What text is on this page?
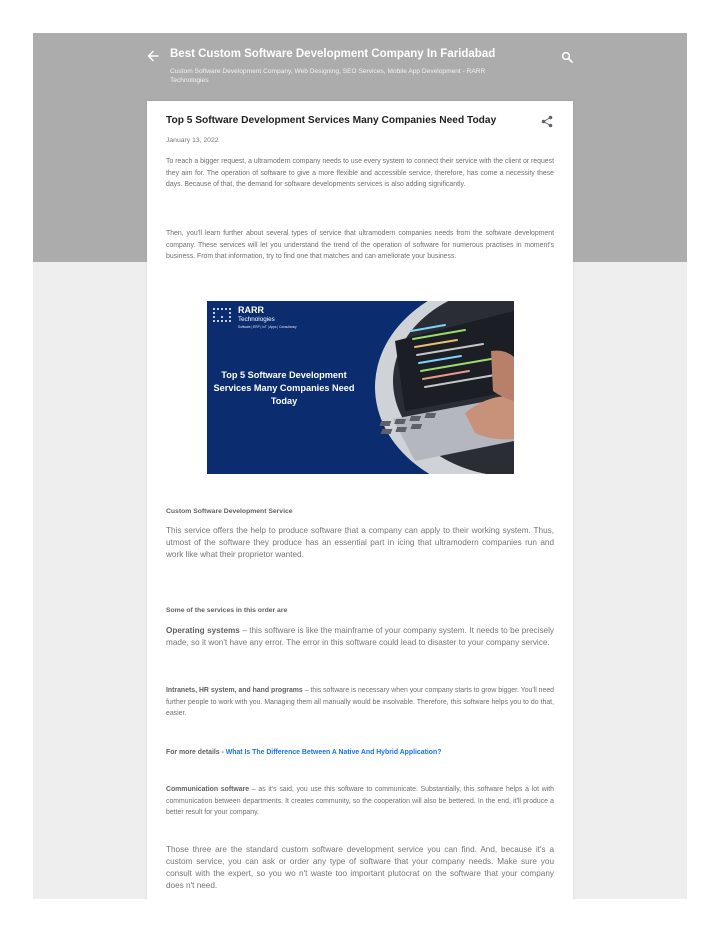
Best Custom Software Development Company In Faridabad
Custom Software Development Company, Web Designing, SEO Services, Mobile App Development - RARR Technologies
Top 5 Software Development Services Many Companies Need Today
January 13, 2022

To reach a bigger request, a ultramodern company needs to use every system to connect their service with the client or request they aim for. The operation of software to give a more flexible and accessible service, therefore, has come a necessity these days. Because of that, the demand for software developments services is also adding significantly.

Then, you'll learn further about several types of service that ultramodern companies needs from the software development company. These services will let you understand the trend of the operation of software for numerous practises in moment's business. From that information, try to find one that matches and can ameliorate your business.

RARR
Technologies
Software | ERP | IoT | Apps | Consultancy
Top 5 Software Development Services Many Companies Need Today
Custom Software Development Service

This service offers the help to produce software that a company can apply to their working system. Thus, utmost of the software they produce has an essential part in icing that ultramodern companies run and work like what their proprietor wanted.

Some of the services in this order are

Operating systems – this software is like the mainframe of your company system. It needs to be precisely made, so it won't have any error. The error in this software could lead to disaster to your company service.

Intranets, HR system, and hand programs – this software is necessary when your company starts to grow bigger. You'll need further people to work with you. Managing them all manually would be insolvable. Therefore, this software helps you to do that, easier.

For more details - What Is The Difference Between A Native And Hybrid Application?

Communication software – as it's said, you use this software to communicate. Substantially, this software helps a lot with communication between departments. It creates community, so the cooperation will also be bettered. In the end, it'll produce a better result for your company.

Those three are the standard custom software development service you can find. And, because it's a custom service, you can ask or order any type of software that your company needs. Make sure you consult with the expert, so you wo n't waste too important plutocrat on the software that your company does n't need.
